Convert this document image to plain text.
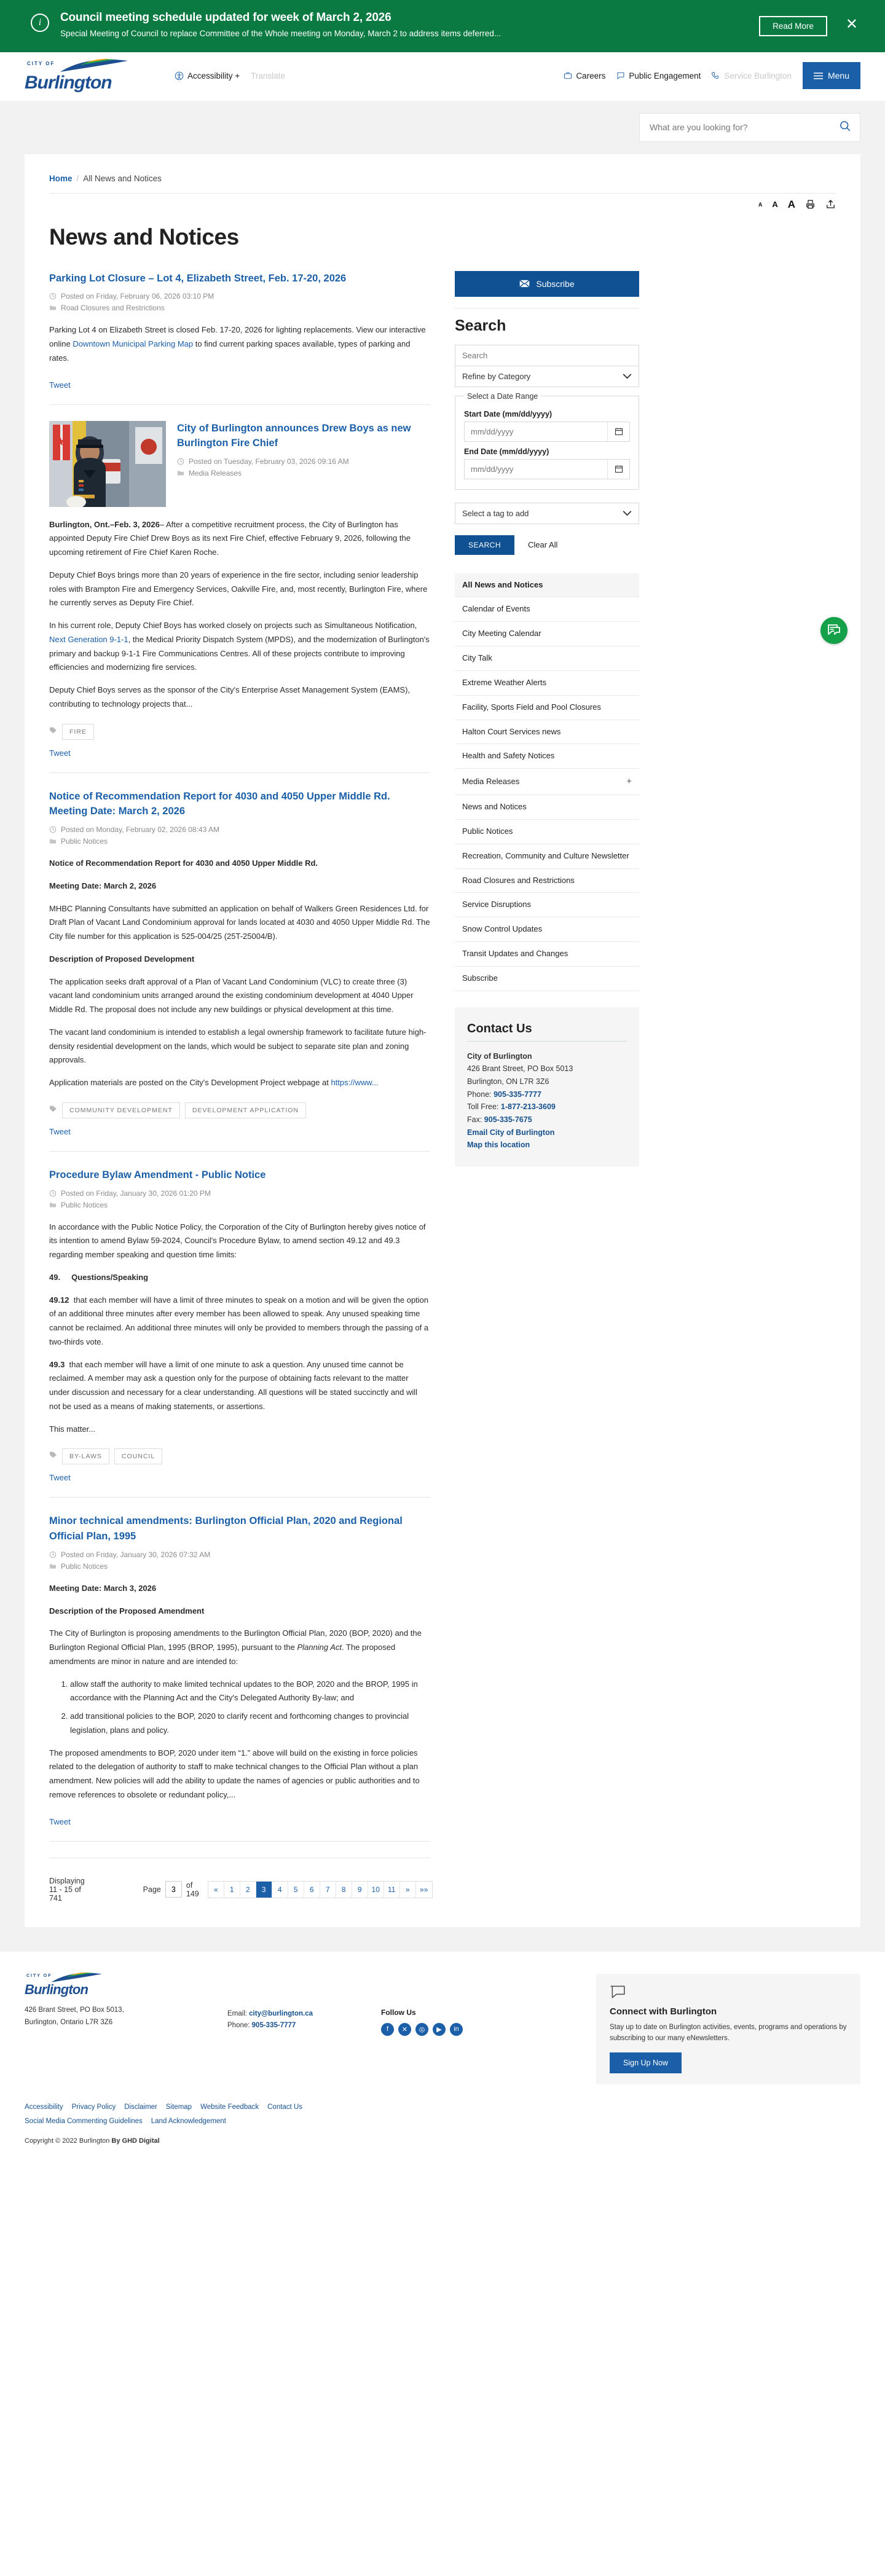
i	Council meeting schedule updated for week of March 2, 2026
Special Meeting of Council to replace Committee of the Whole meeting on Monday, March 2 to address items deferred...
Read More	✕
CITY OF
Burlington	Accessibility + Translate	Careers	Public Engagement	Service Burlington	Menu
What are you looking for?
Home / All News and Notices
A A A
News and Notices
Parking Lot Closure – Lot 4, Elizabeth Street, Feb. 17-20, 2026
Posted on Friday, February 06, 2026 03:10 PM
Road Closures and Restrictions

Parking Lot 4 on Elizabeth Street is closed Feb. 17-20, 2026 for lighting replacements. View our interactive online Downtown Municipal Parking Map to find current parking spaces available, types of parking and rates.

Tweet
City of Burlington announces Drew Boys as new Burlington Fire Chief
Posted on Tuesday, February 03, 2026 09:16 AM
Media Releases

Burlington, Ont.–Feb. 3, 2026– After a competitive recruitment process, the City of Burlington has appointed Deputy Fire Chief Drew Boys as its next Fire Chief, effective February 9, 2026, following the upcoming retirement of Fire Chief Karen Roche.

Deputy Chief Boys brings more than 20 years of experience in the fire sector, including senior leadership roles with Brampton Fire and Emergency Services, Oakville Fire, and, most recently, Burlington Fire, where he currently serves as Deputy Fire Chief.

In his current role, Deputy Chief Boys has worked closely on projects such as Simultaneous Notification, Next Generation 9-1-1, the Medical Priority Dispatch System (MPDS), and the modernization of Burlington's primary and backup 9-1-1 Fire Communications Centres. All of these projects contribute to improving efficiencies and modernizing fire services.

Deputy Chief Boys serves as the sponsor of the City's Enterprise Asset Management System (EAMS), contributing to technology projects that...

FIRE
Tweet
Notice of Recommendation Report for 4030 and 4050 Upper Middle Rd. Meeting Date: March 2, 2026
Posted on Monday, February 02, 2026 08:43 AM
Public Notices

Notice of Recommendation Report for 4030 and 4050 Upper Middle Rd.

Meeting Date: March 2, 2026

MHBC Planning Consultants have submitted an application on behalf of Walkers Green Residences Ltd. for Draft Plan of Vacant Land Condominium approval for lands located at 4030 and 4050 Upper Middle Rd. The City file number for this application is 525-004/25 (25T-25004/B).

Description of Proposed Development

The application seeks draft approval of a Plan of Vacant Land Condominium (VLC) to create three (3) vacant land condominium units arranged around the existing condominium development at 4040 Upper Middle Rd. The proposal does not include any new buildings or physical development at this time.

The vacant land condominium is intended to establish a legal ownership framework to facilitate future high-density residential development on the lands, which would be subject to separate site plan and zoning approvals.

Application materials are posted on the City's Development Project webpage at https://www...

COMMUNITY DEVELOPMENT	DEVELOPMENT APPLICATION
Tweet
Procedure Bylaw Amendment - Public Notice
Posted on Friday, January 30, 2026 01:20 PM
Public Notices

In accordance with the Public Notice Policy, the Corporation of the City of Burlington hereby gives notice of its intention to amend Bylaw 59-2024, Council's Procedure Bylaw, to amend section 49.12 and 49.3 regarding member speaking and question time limits:

49.     Questions/Speaking

49.12  that each member will have a limit of three minutes to speak on a motion and will be given the option of an additional three minutes after every member has been allowed to speak. Any unused speaking time cannot be reclaimed. An additional three minutes will only be provided to members through the passing of a two-thirds vote.

49.3  that each member will have a limit of one minute to ask a question. Any unused time cannot be reclaimed. A member may ask a question only for the purpose of obtaining facts relevant to the matter under discussion and necessary for a clear understanding. All questions will be stated succinctly and will not be used as a means of making statements, or assertions.

This matter...

BY-LAWS	COUNCIL
Tweet
Minor technical amendments: Burlington Official Plan, 2020 and Regional Official Plan, 1995
Posted on Friday, January 30, 2026 07:32 AM
Public Notices

Meeting Date: March 3, 2026

Description of the Proposed Amendment

The City of Burlington is proposing amendments to the Burlington Official Plan, 2020 (BOP, 2020) and the Burlington Regional Official Plan, 1995 (BROP, 1995), pursuant to the Planning Act. The proposed amendments are minor in nature and are intended to:

1. allow staff the authority to make limited technical updates to the BOP, 2020 and the BROP, 1995 in accordance with the Planning Act and the City's Delegated Authority By-law; and
2. add transitional policies to the BOP, 2020 to clarify recent and forthcoming changes to provincial legislation, plans and policy.

The proposed amendments to BOP, 2020 under item “1.” above will build on the existing in force policies related to the delegation of authority to staff to make technical changes to the Official Plan without a plan amendment. New policies will add the ability to update the names of agencies or public authorities and to remove references to obsolete or redundant policy,...

Tweet
Displaying 11 - 15 of 741
Page
3	of 149	«	1	2	3	4	5	6	7	8	9	10	11	»	»»
Subscribe
Search
Search
Refine by Category
Select a Date Range
Start Date (mm/dd/yyyy)
mm/dd/yyyy
End Date (mm/dd/yyyy)
mm/dd/yyyy
Select a tag to add
SEARCH	Clear All
All News and Notices
Calendar of Events
City Meeting Calendar
City Talk
Extreme Weather Alerts
Facility, Sports Field and Pool Closures
Halton Court Services news
Health and Safety Notices
Media Releases	+
News and Notices
Public Notices
Recreation, Community and Culture Newsletter
Road Closures and Restrictions
Service Disruptions
Snow Control Updates
Transit Updates and Changes
Subscribe
Contact Us
City of Burlington
426 Brant Street, PO Box 5013
Burlington, ON L7R 3Z6
Phone: 905-335-7777
Toll Free: 1-877-213-3609
Fax: 905-335-7675
Email City of Burlington
Map this location
CITY OF
Burlington
426 Brant Street, PO Box 5013,
Burlington, Ontario L7R 3Z6
Email: city@burlington.ca
Phone: 905-335-7777
Follow Us
f	✕	◎	▶	in
Connect with Burlington

Stay up to date on Burlington activities, events, programs and operations by subscribing to our many eNewsletters.

Sign Up Now
Accessibility Privacy Policy Disclaimer Sitemap Website Feedback Contact Us
Social Media Commenting Guidelines Land Acknowledgement
Copyright © 2022 Burlington By GHD Digital
